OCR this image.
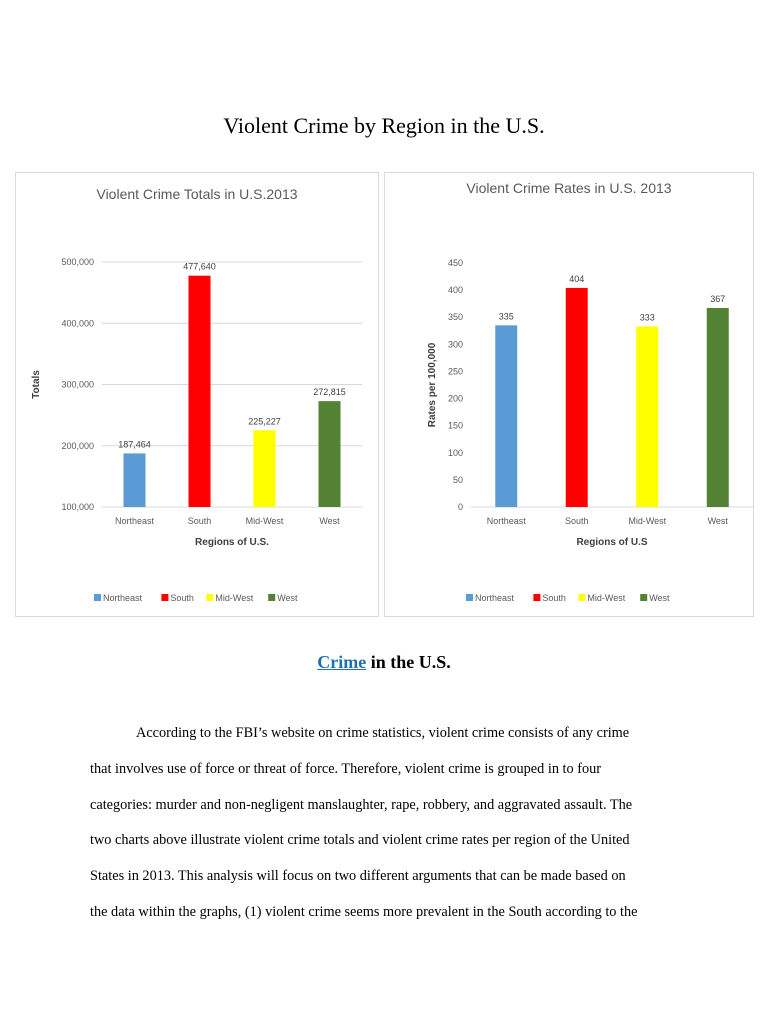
Violent Crime by Region in the U.S.
Violent Crime Totals in U.S.2013
100,000
200,000
300,000
400,000
500,000
187,464
Northeast
477,640
South
225,227
Mid-West
272,815
West
Regions of U.S.
Totals
Northeast	South Mid-West	West
Violent Crime Rates in U.S. 2013
0
50
100
150
200
250
300
350
400
450
335
Northeast
404
South
333
Mid-West
367
West
Regions of U.S
Rates per 100,000
Northeast	South Mid-West	West
Crime in the U.S.
According to the FBI’s website on crime statistics, violent crime consists of any crime
that involves use of force or threat of force. Therefore, violent crime is grouped in to four
categories: murder and non-negligent manslaughter, rape, robbery, and aggravated assault. The
two charts above illustrate violent crime totals and violent crime rates per region of the United
States in 2013. This analysis will focus on two different arguments that can be made based on
the data within the graphs, (1) violent crime seems more prevalent in the South according to the
